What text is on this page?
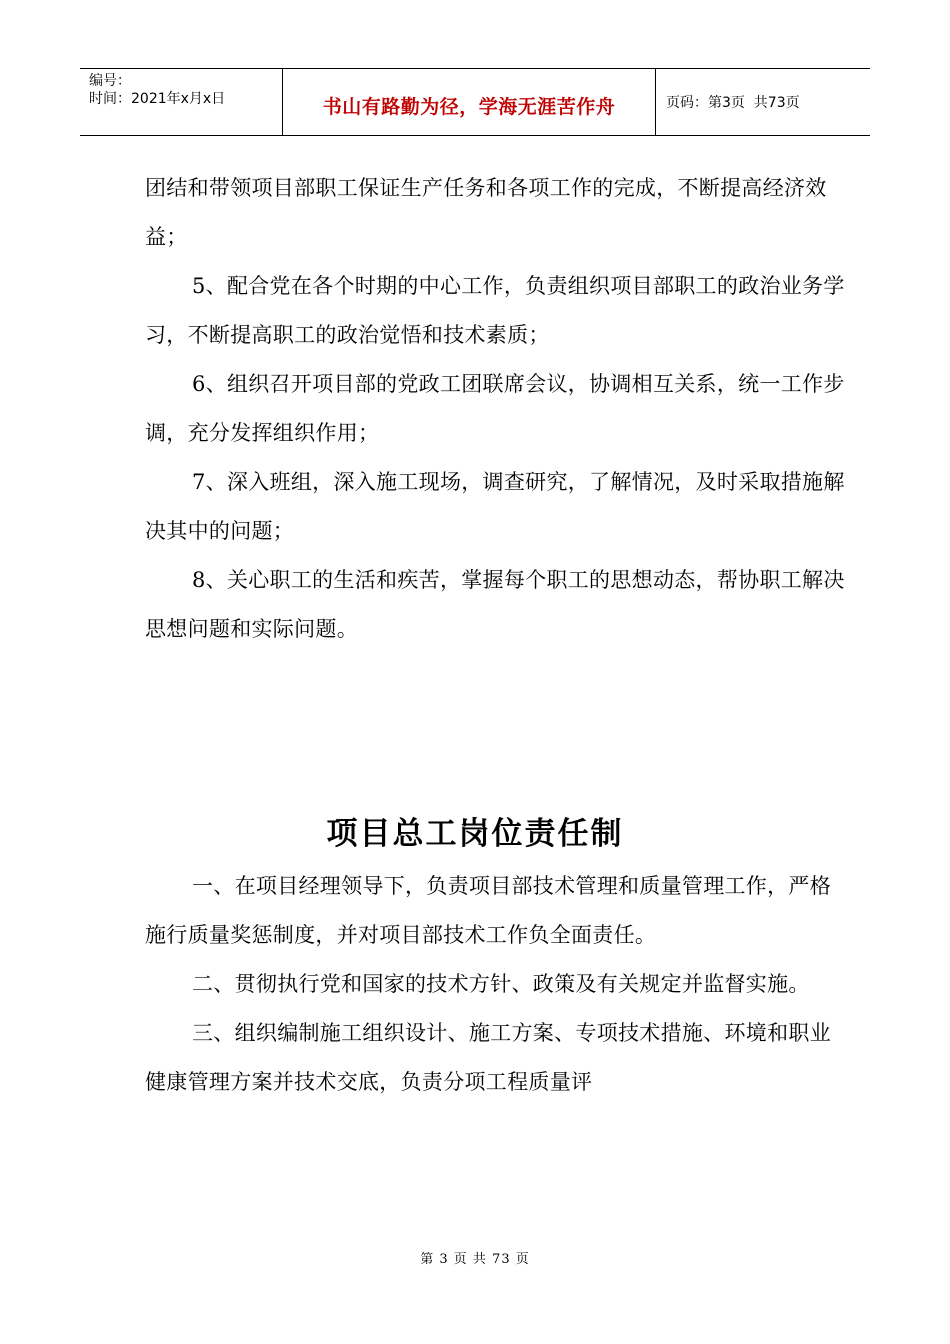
编号：
时间：2021年x月x日	书山有路勤为径，学海无涯苦作舟	页码：第3页  共73页

团结和带领项目部职工保证生产任务和各项工作的完成，不断提高经济效益；

5、配合党在各个时期的中心工作，负责组织项目部职工的政治业务学习，不断提高职工的政治觉悟和技术素质；

6、组织召开项目部的党政工团联席会议，协调相互关系，统一工作步调，充分发挥组织作用；

7、深入班组，深入施工现场，调查研究，了解情况，及时采取措施解决其中的问题；

8、关心职工的生活和疾苦，掌握每个职工的思想动态，帮协职工解决思想问题和实际问题。

项目总工岗位责任制

一、在项目经理领导下，负责项目部技术管理和质量管理工作，严格施行质量奖惩制度，并对项目部技术工作负全面责任。

二、贯彻执行党和国家的技术方针、政策及有关规定并监督实施。

三、组织编制施工组织设计、施工方案、专项技术措施、环境和职业健康管理方案并技术交底，负责分项工程质量评

第 3 页 共 73 页
